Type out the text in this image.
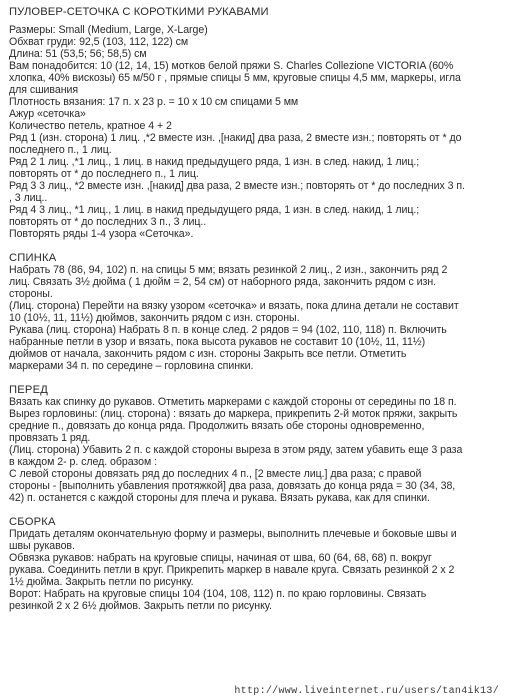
ПУЛОВЕР-СЕТОЧКА С КОРОТКИМИ РУКАВАМИ
Размеры: Small (Medium, Large, X-Large)
Обхват груди: 92,5 (103, 112, 122) см
Длина: 51 (53,5; 56; 58,5) см
Вам понадобится: 10 (12, 14, 15) мотков белой пряжи S. Charles Collezione VICTORIA (60%
хлопка, 40% вискозы) 65 м/50 г , прямые спицы 5 мм, круговые спицы 4,5 мм, маркеры, игла
для сшивания
Плотность вязания: 17 п. х 23 р. = 10 х 10 см спицами 5 мм
Ажур «сеточка»
Количество петель, кратное 4 + 2
Ряд 1 (изн. сторона) 1 лиц. ,*2 вместе изн. ,[накид] два раза, 2 вместе изн.; повторять от * до
последнего п., 1 лиц.
Ряд 2 1 лиц. ,*1 лиц., 1 лиц. в накид предыдущего ряда, 1 изн. в след. накид, 1 лиц.;
повторять от * до последнего п., 1 лиц.
Ряд 3 3 лиц., *2 вместе изн. ,[накид] два раза, 2 вместе изн.; повторять от * до последних 3 п.
, 3 лиц..
Ряд 4 3 лиц., *1 лиц., 1 лиц. в накид предыдущего ряда, 1 изн. в след. накид, 1 лиц.;
повторять от * до последних 3 п., 3 лиц..
Повторять ряды 1-4 узора «Сеточка».
СПИНКА
Набрать 78 (86, 94, 102) п. на спицы 5 мм; вязать резинкой 2 лиц., 2 изн., закончить ряд 2
лиц. Связать 3½ дюйма ( 1 дюйм = 2, 54 см) от наборного ряда, закончить рядом с изн.
стороны.
(Лиц. сторона) Перейти на вязку узором «сеточка» и вязать, пока длина детали не составит
10 (10½, 11, 11½) дюймов, закончить рядом с изн. стороны.
Рукава (лиц. сторона) Набрать 8 п. в конце след. 2 рядов = 94 (102, 110, 118) п. Включить
набранные петли в узор и вязать, пока высота рукавов не составит 10 (10½, 11, 11½)
дюймов от начала, закончить рядом с изн. стороны Закрыть все петли. Отметить
маркерами 34 п. по середине – горловина спинки.
ПЕРЕД
Вязать как спинку до рукавов. Отметить маркерами с каждой стороны от середины по 18 п.
Вырез горловины: (лиц. сторона) : вязать до маркера, прикрепить 2-й моток пряжи, закрыть
средние п., довязать до конца ряда. Продолжить вязать обе стороны одновременно,
провязать 1 ряд.
(Лиц. сторона) Убавить 2 п. с каждой стороны выреза в этом ряду, затем убавить еще 3 раза
в каждом 2- р. след. образом :
С левой стороны довязать ряд до последних 4 п., [2 вместе лиц.] два раза; с правой
стороны - [выполнить убавления протяжкой] два раза, довязать до конца ряда = 30 (34, 38,
42) п. останется с каждой стороны для плеча и рукава. Вязать рукава, как для спинки.
СБОРКА
Придать деталям окончательную форму и размеры, выполнить плечевые и боковые швы и
швы рукавов.
Обвязка рукавов: набрать на круговые спицы, начиная от шва, 60 (64, 68, 68) п. вокруг
рукава. Соединить петли в круг. Прикрепить маркер в навале круга. Связать резинкой 2 х 2
1½ дюйма. Закрыть петли по рисунку.
Ворот: Набрать на круговые спицы 104 (104, 108, 112) п. по краю горловины. Связать
резинкой 2 х 2 6½ дюймов. Закрыть петли по рисунку.
http://www.liveinternet.ru/users/tan4ik13/
